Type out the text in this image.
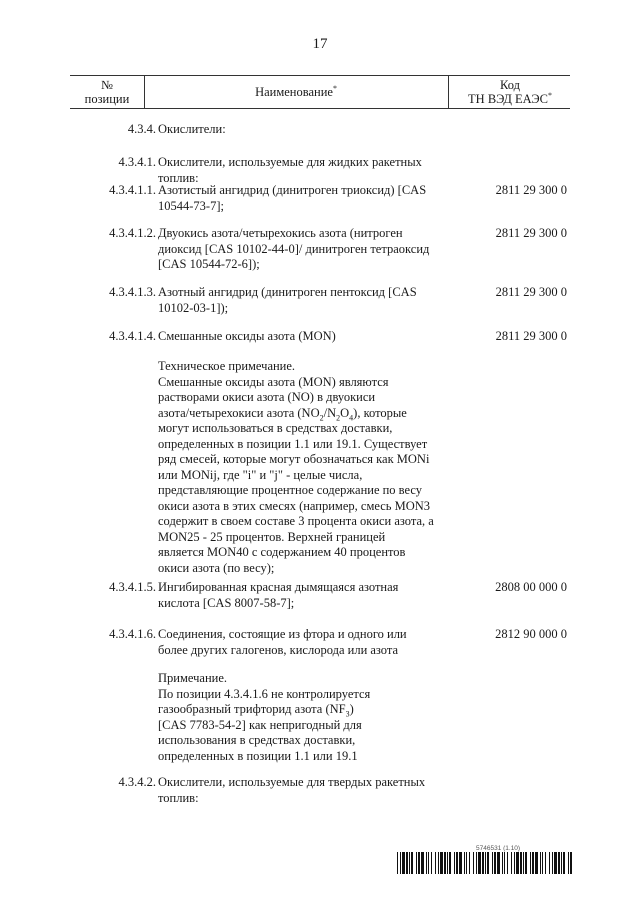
17
№
позиции	Наименование*	Код
ТН ВЭД ЕАЭС*
4.3.4. Окислители:
4.3.4.1. Окислители, используемые для жидких ракетных
топлив:
4.3.4.1.1. Азотистый ангидрид (динитроген триоксид) [CAS
10544-73-7];
2811 29 300 0
4.3.4.1.2. Двуокись азота/четырехокись азота (нитроген
диоксид [CAS 10102-44-0]/ динитроген тетраоксид
[CAS 10544-72-6]);
2811 29 300 0
4.3.4.1.3. Азотный ангидрид (динитроген пентоксид [CAS
10102-03-1]);
2811 29 300 0
4.3.4.1.4. Смешанные оксиды азота (MON)	2811 29 300 0
Техническое примечание.
Смешанные оксиды азота (MON) являются
растворами окиси азота (NO) в двуокиси
азота/четырехокиси азота $(NO_2/N_2O_4)$, которые
могут использоваться в средствах доставки,
определенных в позиции 1.1 или 19.1. Существует
ряд смесей, которые могут обозначаться как MONi
или MONij, где "i" и "j" - целые числа,
представляющие процентное содержание по весу
окиси азота в этих смесях (например, смесь MON3
содержит в своем составе 3 процента окиси азота, а
MON25 - 25 процентов. Верхней границей
является MON40 с содержанием 40 процентов
окиси азота (по весу);
4.3.4.1.5. Ингибированная красная дымящаяся азотная
кислота [CAS 8007-58-7];
2808 00 000 0
4.3.4.1.6. Соединения, состоящие из фтора и одного или
более других галогенов, кислорода или азота
2812 90 000 0
Примечание.
По позиции 4.3.4.1.6 не контролируется
газообразный трифторид азота $(NF_3)$
[CAS 7783-54-2] как непригодный для
использования в средствах доставки,
определенных в позиции 1.1 или 19.1
4.3.4.2. Окислители, используемые для твердых ракетных
топлив:
5746531 (1.10)
